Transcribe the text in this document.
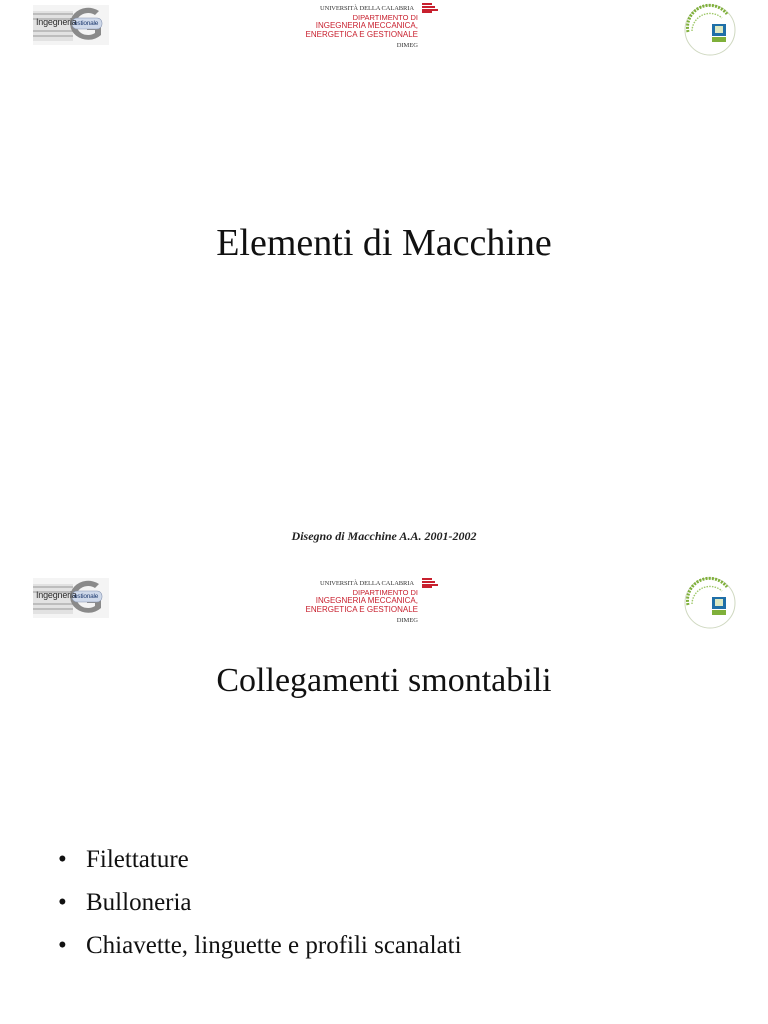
Ingegneria
estionale
UNIVERSITÀ DELLA CALABRIA
DIPARTIMENTO DI
INGEGNERIA MECCANICA,
ENERGETICA E GESTIONALE
DIMEG
Elementi di Macchine
Disegno di Macchine A.A. 2001-2002
Ingegneria
estionale
UNIVERSITÀ DELLA CALABRIA
DIPARTIMENTO DI
INGEGNERIA MECCANICA,
ENERGETICA E GESTIONALE
DIMEG
Collegamenti smontabili
• Filettature
• Bulloneria
• Chiavette, linguette e profili scanalati
